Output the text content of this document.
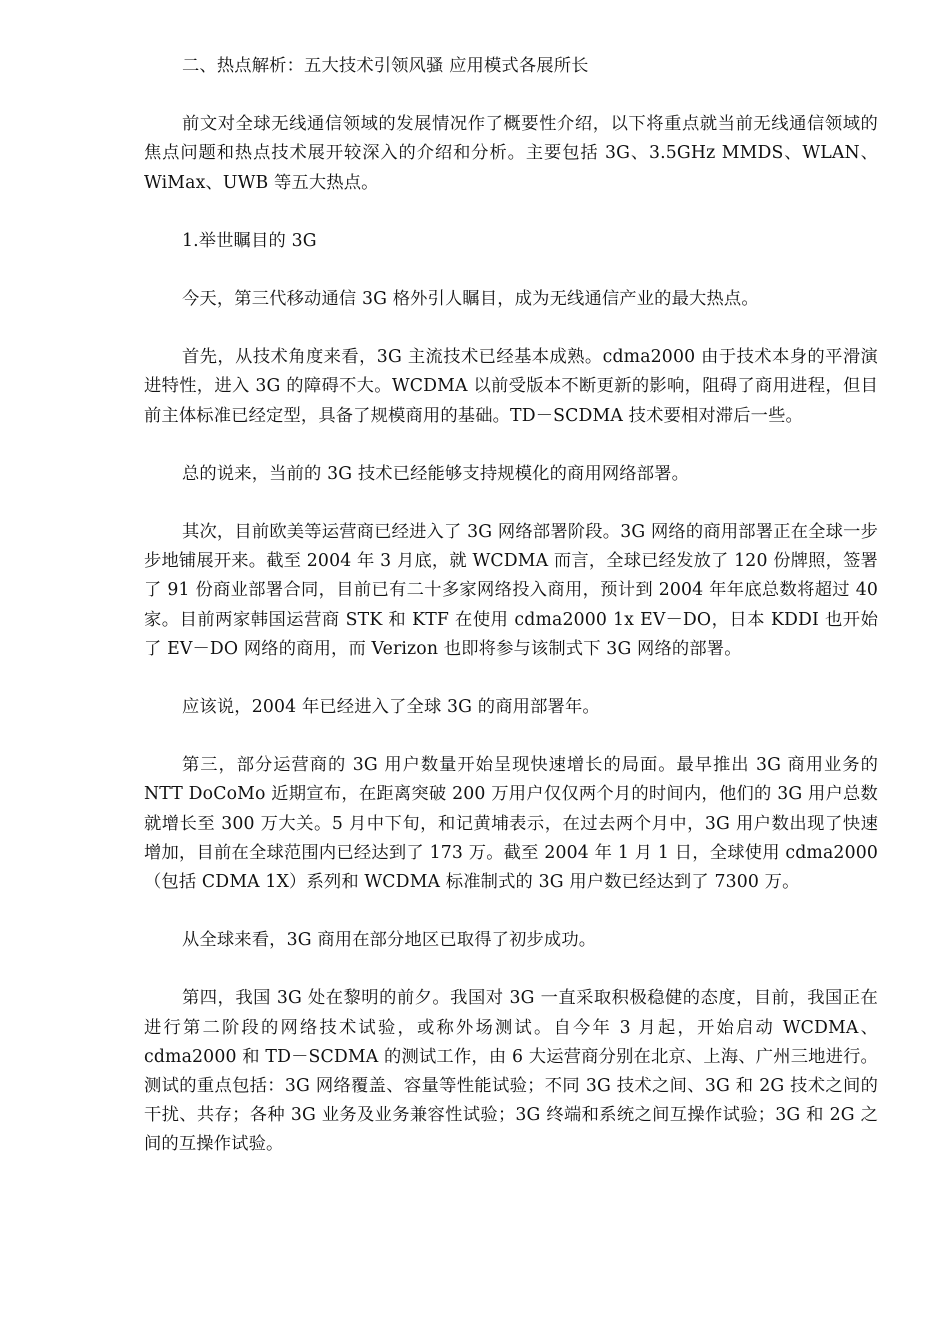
二、热点解析：五大技术引领风骚 应用模式各展所长

前文对全球无线通信领域的发展情况作了概要性介绍，以下将重点就当前无线通信领域的焦点问题和热点技术展开较深入的介绍和分析。主要包括 3G、3.5GHz MMDS、WLAN、WiMax、UWB 等五大热点。

1.举世瞩目的 3G

今天，第三代移动通信 3G 格外引人瞩目，成为无线通信产业的最大热点。

首先，从技术角度来看，3G 主流技术已经基本成熟。cdma2000 由于技术本身的平滑演进特性，进入 3G 的障碍不大。WCDMA 以前受版本不断更新的影响，阻碍了商用进程，但目前主体标准已经定型，具备了规模商用的基础。TD－SCDMA 技术要相对滞后一些。

总的说来，当前的 3G 技术已经能够支持规模化的商用网络部署。

其次，目前欧美等运营商已经进入了 3G 网络部署阶段。3G 网络的商用部署正在全球一步步地铺展开来。截至 2004 年 3 月底，就 WCDMA 而言，全球已经发放了 120 份牌照，签署了 91 份商业部署合同，目前已有二十多家网络投入商用，预计到 2004 年年底总数将超过 40 家。目前两家韩国运营商 STK 和 KTF 在使用 cdma2000 1x EV－DO，日本 KDDI 也开始了 EV－DO 网络的商用，而 Verizon 也即将参与该制式下 3G 网络的部署。

应该说，2004 年已经进入了全球 3G 的商用部署年。

第三，部分运营商的 3G 用户数量开始呈现快速增长的局面。最早推出 3G 商用业务的 NTT DoCoMo 近期宣布，在距离突破 200 万用户仅仅两个月的时间内，他们的 3G 用户总数就增长至 300 万大关。5 月中下旬，和记黄埔表示，在过去两个月中，3G 用户数出现了快速增加，目前在全球范围内已经达到了 173 万。截至 2004 年 1 月 1 日，全球使用 cdma2000（包括 CDMA 1X）系列和 WCDMA 标准制式的 3G 用户数已经达到了 7300 万。

从全球来看，3G 商用在部分地区已取得了初步成功。

第四，我国 3G 处在黎明的前夕。我国对 3G 一直采取积极稳健的态度，目前，我国正在进行第二阶段的网络技术试验，或称外场测试。自今年 3 月起，开始启动 WCDMA、cdma2000 和 TD－SCDMA 的测试工作，由 6 大运营商分别在北京、上海、广州三地进行。测试的重点包括：3G 网络覆盖、容量等性能试验；不同 3G 技术之间、3G 和 2G 技术之间的干扰、共存；各种 3G 业务及业务兼容性试验；3G 终端和系统之间互操作试验；3G 和 2G 之间的互操作试验。
